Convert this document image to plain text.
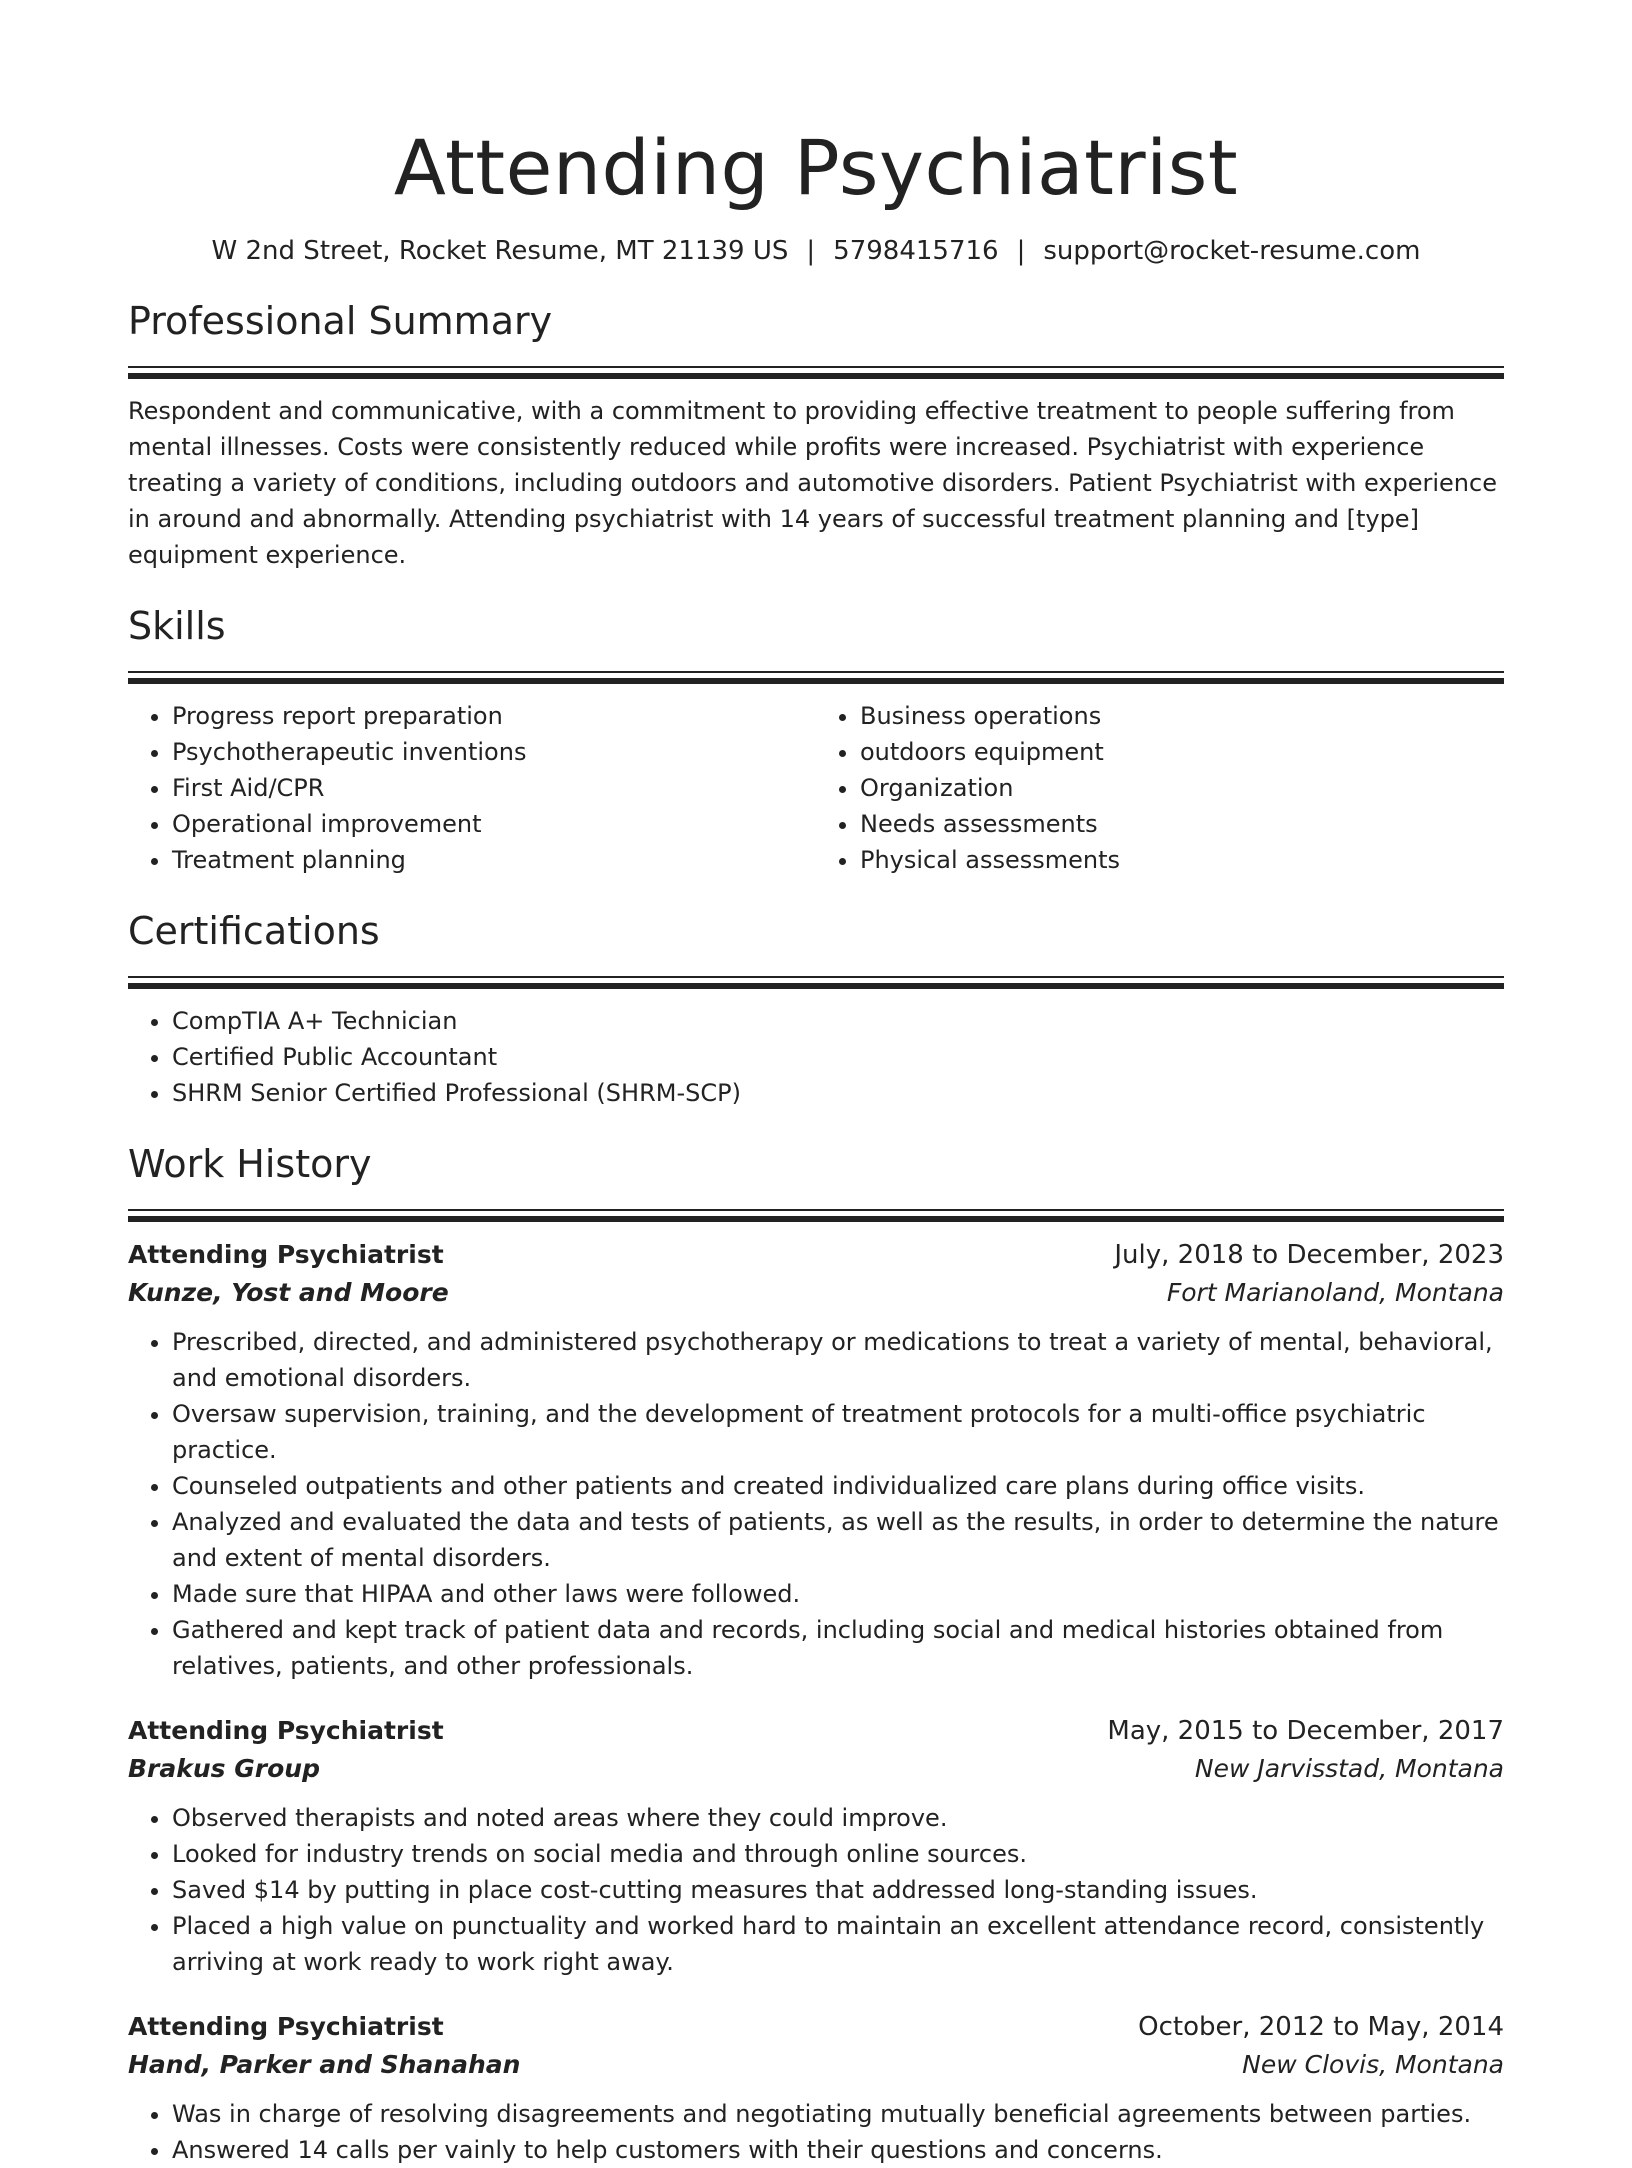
Attending Psychiatrist
W 2nd Street, Rocket Resume, MT 21139 US | 5798415716 | support@rocket-resume.com
Professional Summary

Respondent and communicative, with a commitment to providing effective treatment to people suffering from mental illnesses. Costs were consistently reduced while profits were increased. Psychiatrist with experience treating a variety of conditions, including outdoors and automotive disorders. Patient Psychiatrist with experience in around and abnormally. Attending psychiatrist with 14 years of successful treatment planning and [type] equipment experience.

Skills
• Progress report preparation
• Psychotherapeutic inventions
• First Aid/CPR
• Operational improvement
• Treatment planning
• Business operations
• outdoors equipment
• Organization
• Needs assessments
• Physical assessments
Certifications
• CompTIA A+ Technician
• Certified Public Accountant
• SHRM Senior Certified Professional (SHRM-SCP)
Work History
Attending Psychiatrist	July, 2018 to December, 2023
Kunze, Yost and Moore	Fort Marianoland, Montana
• Prescribed, directed, and administered psychotherapy or medications to treat a variety of mental, behavioral, and emotional disorders.
• Oversaw supervision, training, and the development of treatment protocols for a multi-office psychiatric practice.
• Counseled outpatients and other patients and created individualized care plans during office visits.
• Analyzed and evaluated the data and tests of patients, as well as the results, in order to determine the nature and extent of mental disorders.
• Made sure that HIPAA and other laws were followed.
• Gathered and kept track of patient data and records, including social and medical histories obtained from relatives, patients, and other professionals.
Attending Psychiatrist	May, 2015 to December, 2017
Brakus Group	New Jarvisstad, Montana
• Observed therapists and noted areas where they could improve.
• Looked for industry trends on social media and through online sources.
• Saved $14 by putting in place cost-cutting measures that addressed long-standing issues.
• Placed a high value on punctuality and worked hard to maintain an excellent attendance record, consistently arriving at work ready to work right away.
Attending Psychiatrist	October, 2012 to May, 2014
Hand, Parker and Shanahan	New Clovis, Montana
• Was in charge of resolving disagreements and negotiating mutually beneficial agreements between parties.
• Answered 14 calls per vainly to help customers with their questions and concerns.
